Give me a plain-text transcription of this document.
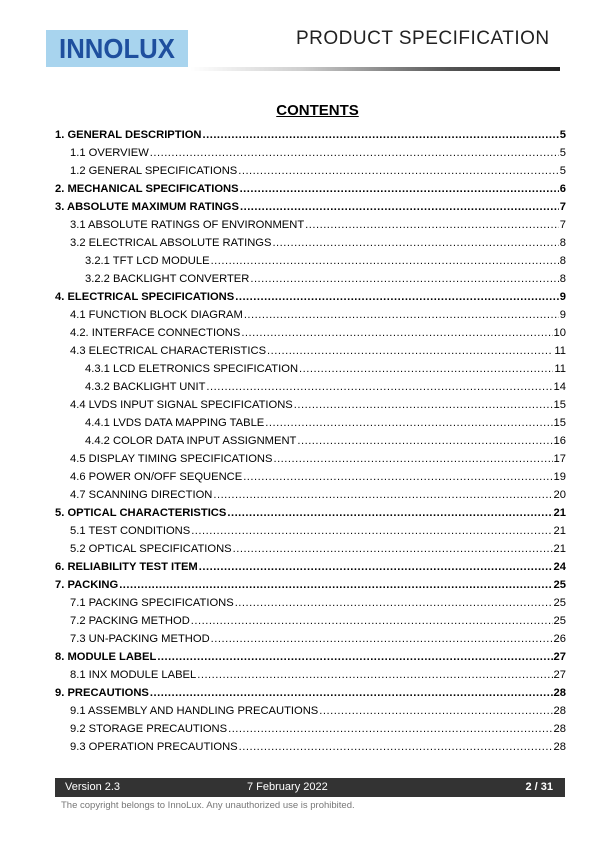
INNOLUX	PRODUCT SPECIFICATION
CONTENTS
1. GENERAL DESCRIPTION .....	5
1.1 OVERVIEW .....	5
1.2 GENERAL SPECIFICATIONS .....	5
2. MECHANICAL SPECIFICATIONS .....	6
3. ABSOLUTE MAXIMUM RATINGS .....	7
3.1 ABSOLUTE RATINGS OF ENVIRONMENT .....	7
3.2 ELECTRICAL ABSOLUTE RATINGS .....	8
3.2.1 TFT LCD MODULE .....	8
3.2.2 BACKLIGHT CONVERTER .....	8
4. ELECTRICAL SPECIFICATIONS .....	9
4.1 FUNCTION BLOCK DIAGRAM .....	9
4.2. INTERFACE CONNECTIONS .....	10
4.3 ELECTRICAL CHARACTERISTICS .....	11
4.3.1 LCD ELETRONICS SPECIFICATION .....	11
4.3.2 BACKLIGHT UNIT .....	14
4.4 LVDS INPUT SIGNAL SPECIFICATIONS .....	15
4.4.1 LVDS DATA MAPPING TABLE .....	15
4.4.2 COLOR DATA INPUT ASSIGNMENT .....	16
4.5 DISPLAY TIMING SPECIFICATIONS .....	17
4.6 POWER ON/OFF SEQUENCE .....	19
4.7 SCANNING DIRECTION .....	20
5. OPTICAL CHARACTERISTICS .....	21
5.1 TEST CONDITIONS .....	21
5.2 OPTICAL SPECIFICATIONS .....	21
6. RELIABILITY TEST ITEM .....	24
7. PACKING .....	25
7.1 PACKING SPECIFICATIONS .....	25
7.2 PACKING METHOD .....	25
7.3 UN-PACKING METHOD .....	26
8. MODULE LABEL .....	27
8.1 INX MODULE LABEL .....	27
9. PRECAUTIONS .....	28
9.1 ASSEMBLY AND HANDLING PRECAUTIONS .....	28
9.2 STORAGE PRECAUTIONS .....	28
9.3 OPERATION PRECAUTIONS .....	28
Version 2.3	7 February 2022	2 / 31
The copyright belongs to InnoLux. Any unauthorized use is prohibited.
